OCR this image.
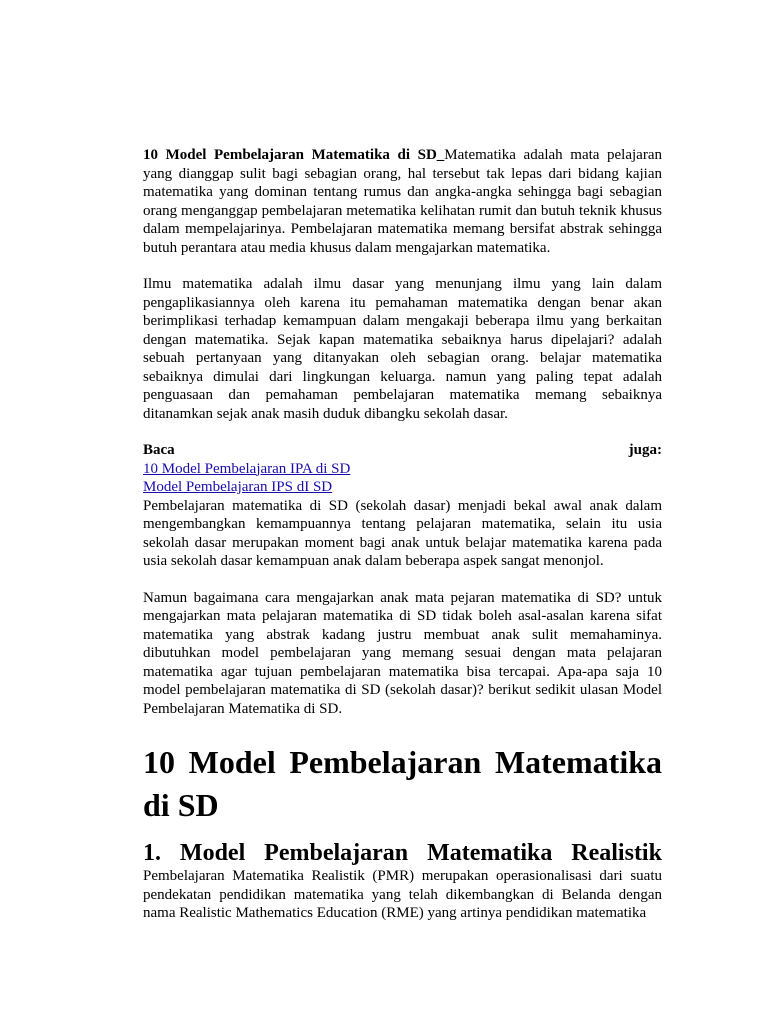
10 Model Pembelajaran Matematika di SD_Matematika adalah mata pelajaran yang dianggap sulit bagi sebagian orang, hal tersebut tak lepas dari bidang kajian matematika yang dominan tentang rumus dan angka-angka sehingga bagi sebagian orang menganggap pembelajaran metematika kelihatan rumit dan butuh teknik khusus dalam mempelajarinya. Pembelajaran matematika memang bersifat abstrak sehingga butuh perantara atau media khusus dalam mengajarkan matematika.

Ilmu matematika adalah ilmu dasar yang menunjang ilmu yang lain dalam pengaplikasiannya oleh karena itu pemahaman matematika dengan benar akan berimplikasi terhadap kemampuan dalam mengakaji beberapa ilmu yang berkaitan dengan matematika. Sejak kapan matematika sebaiknya harus dipelajari? adalah sebuah pertanyaan yang ditanyakan oleh sebagian orang. belajar matematika sebaiknya dimulai dari lingkungan keluarga. namun yang paling tepat adalah penguasaan dan pemahaman pembelajaran matematika memang sebaiknya ditanamkan sejak anak masih duduk dibangku sekolah dasar.

Baca	juga:
10 Model Pembelajaran IPA di SD
Model Pembelajaran IPS dI SD

Pembelajaran matematika di SD (sekolah dasar) menjadi bekal awal anak dalam mengembangkan kemampuannya tentang pelajaran matematika, selain itu usia sekolah dasar merupakan moment bagi anak untuk belajar matematika karena pada usia sekolah dasar kemampuan anak dalam beberapa aspek sangat menonjol.

Namun bagaimana cara mengajarkan anak mata pejaran matematika di SD? untuk mengajarkan mata pelajaran matematika di SD tidak boleh asal-asalan karena sifat matematika yang abstrak kadang justru membuat anak sulit memahaminya. dibutuhkan model pembelajaran yang memang sesuai dengan mata pelajaran matematika agar tujuan pembelajaran matematika bisa tercapai. Apa-apa saja 10 model pembelajaran matematika di SD (sekolah dasar)? berikut sedikit ulasan Model Pembelajaran Matematika di SD.

10 Model Pembelajaran Matematika di SD
1. Model Pembelajaran Matematika Realistik

Pembelajaran Matematika Realistik (PMR) merupakan operasionalisasi dari suatu pendekatan pendidikan matematika yang telah dikembangkan di Belanda dengan nama Realistic Mathematics Education (RME) yang artinya pendidikan matematika
